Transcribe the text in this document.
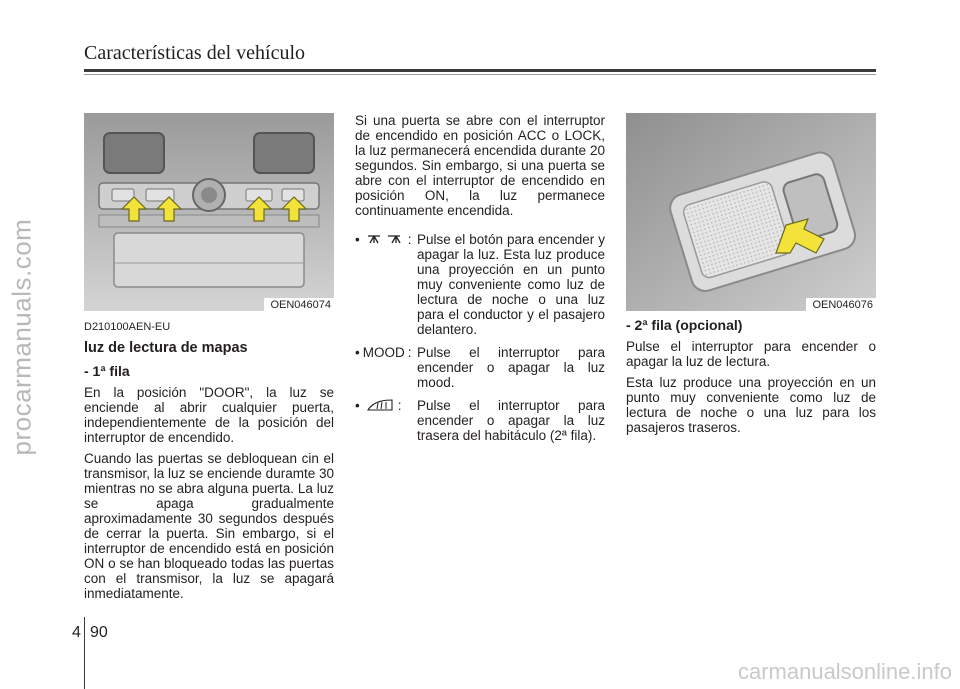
Características del vehículo
procarmanuals.com
carmanualsonline.info
OEN046074	OEN046076
D210100AEN-EU
luz de lectura de mapas
- 1ª fila
En la posición "DOOR", la luz se enciende al abrir cualquier puerta, independientemente de la posición del interruptor de encendido.
Cuando las puertas se debloquean cin el transmisor, la luz se enciende duramte 30 mientras no se abra alguna puerta. La luz se apaga gradualmente aproximadamente 30 segundos después de cerrar la puerta. Sin embargo, si el interruptor de encendido está en posición ON o se han bloqueado todas las puertas con el transmisor, la luz se apagará inmediatamente.
Si una puerta se abre con el interruptor de encendido en posición ACC o LOCK, la luz permanecerá encendida durante 20 segundos. Sin embargo, si una puerta se abre con el interruptor de encendido en posición ON, la luz permanece continuamente encendida.
•	: Pulse el botón para encender y apagar la luz. Esta luz produce una proyección en un punto muy conveniente como luz de lectura de noche o una luz para el conductor y el pasajero delantero.
• MOOD : Pulse el interruptor para encender o apagar la luz mood.
•	: Pulse el interruptor para encender o apagar la luz trasera del habitáculo (2ª fila).
- 2ª fila (opcional)
Pulse el interruptor para encender o apagar la luz de lectura.
Esta luz produce una proyección en un punto muy conveniente como luz de lectura de noche o una luz para los pasajeros traseros.
4 90
